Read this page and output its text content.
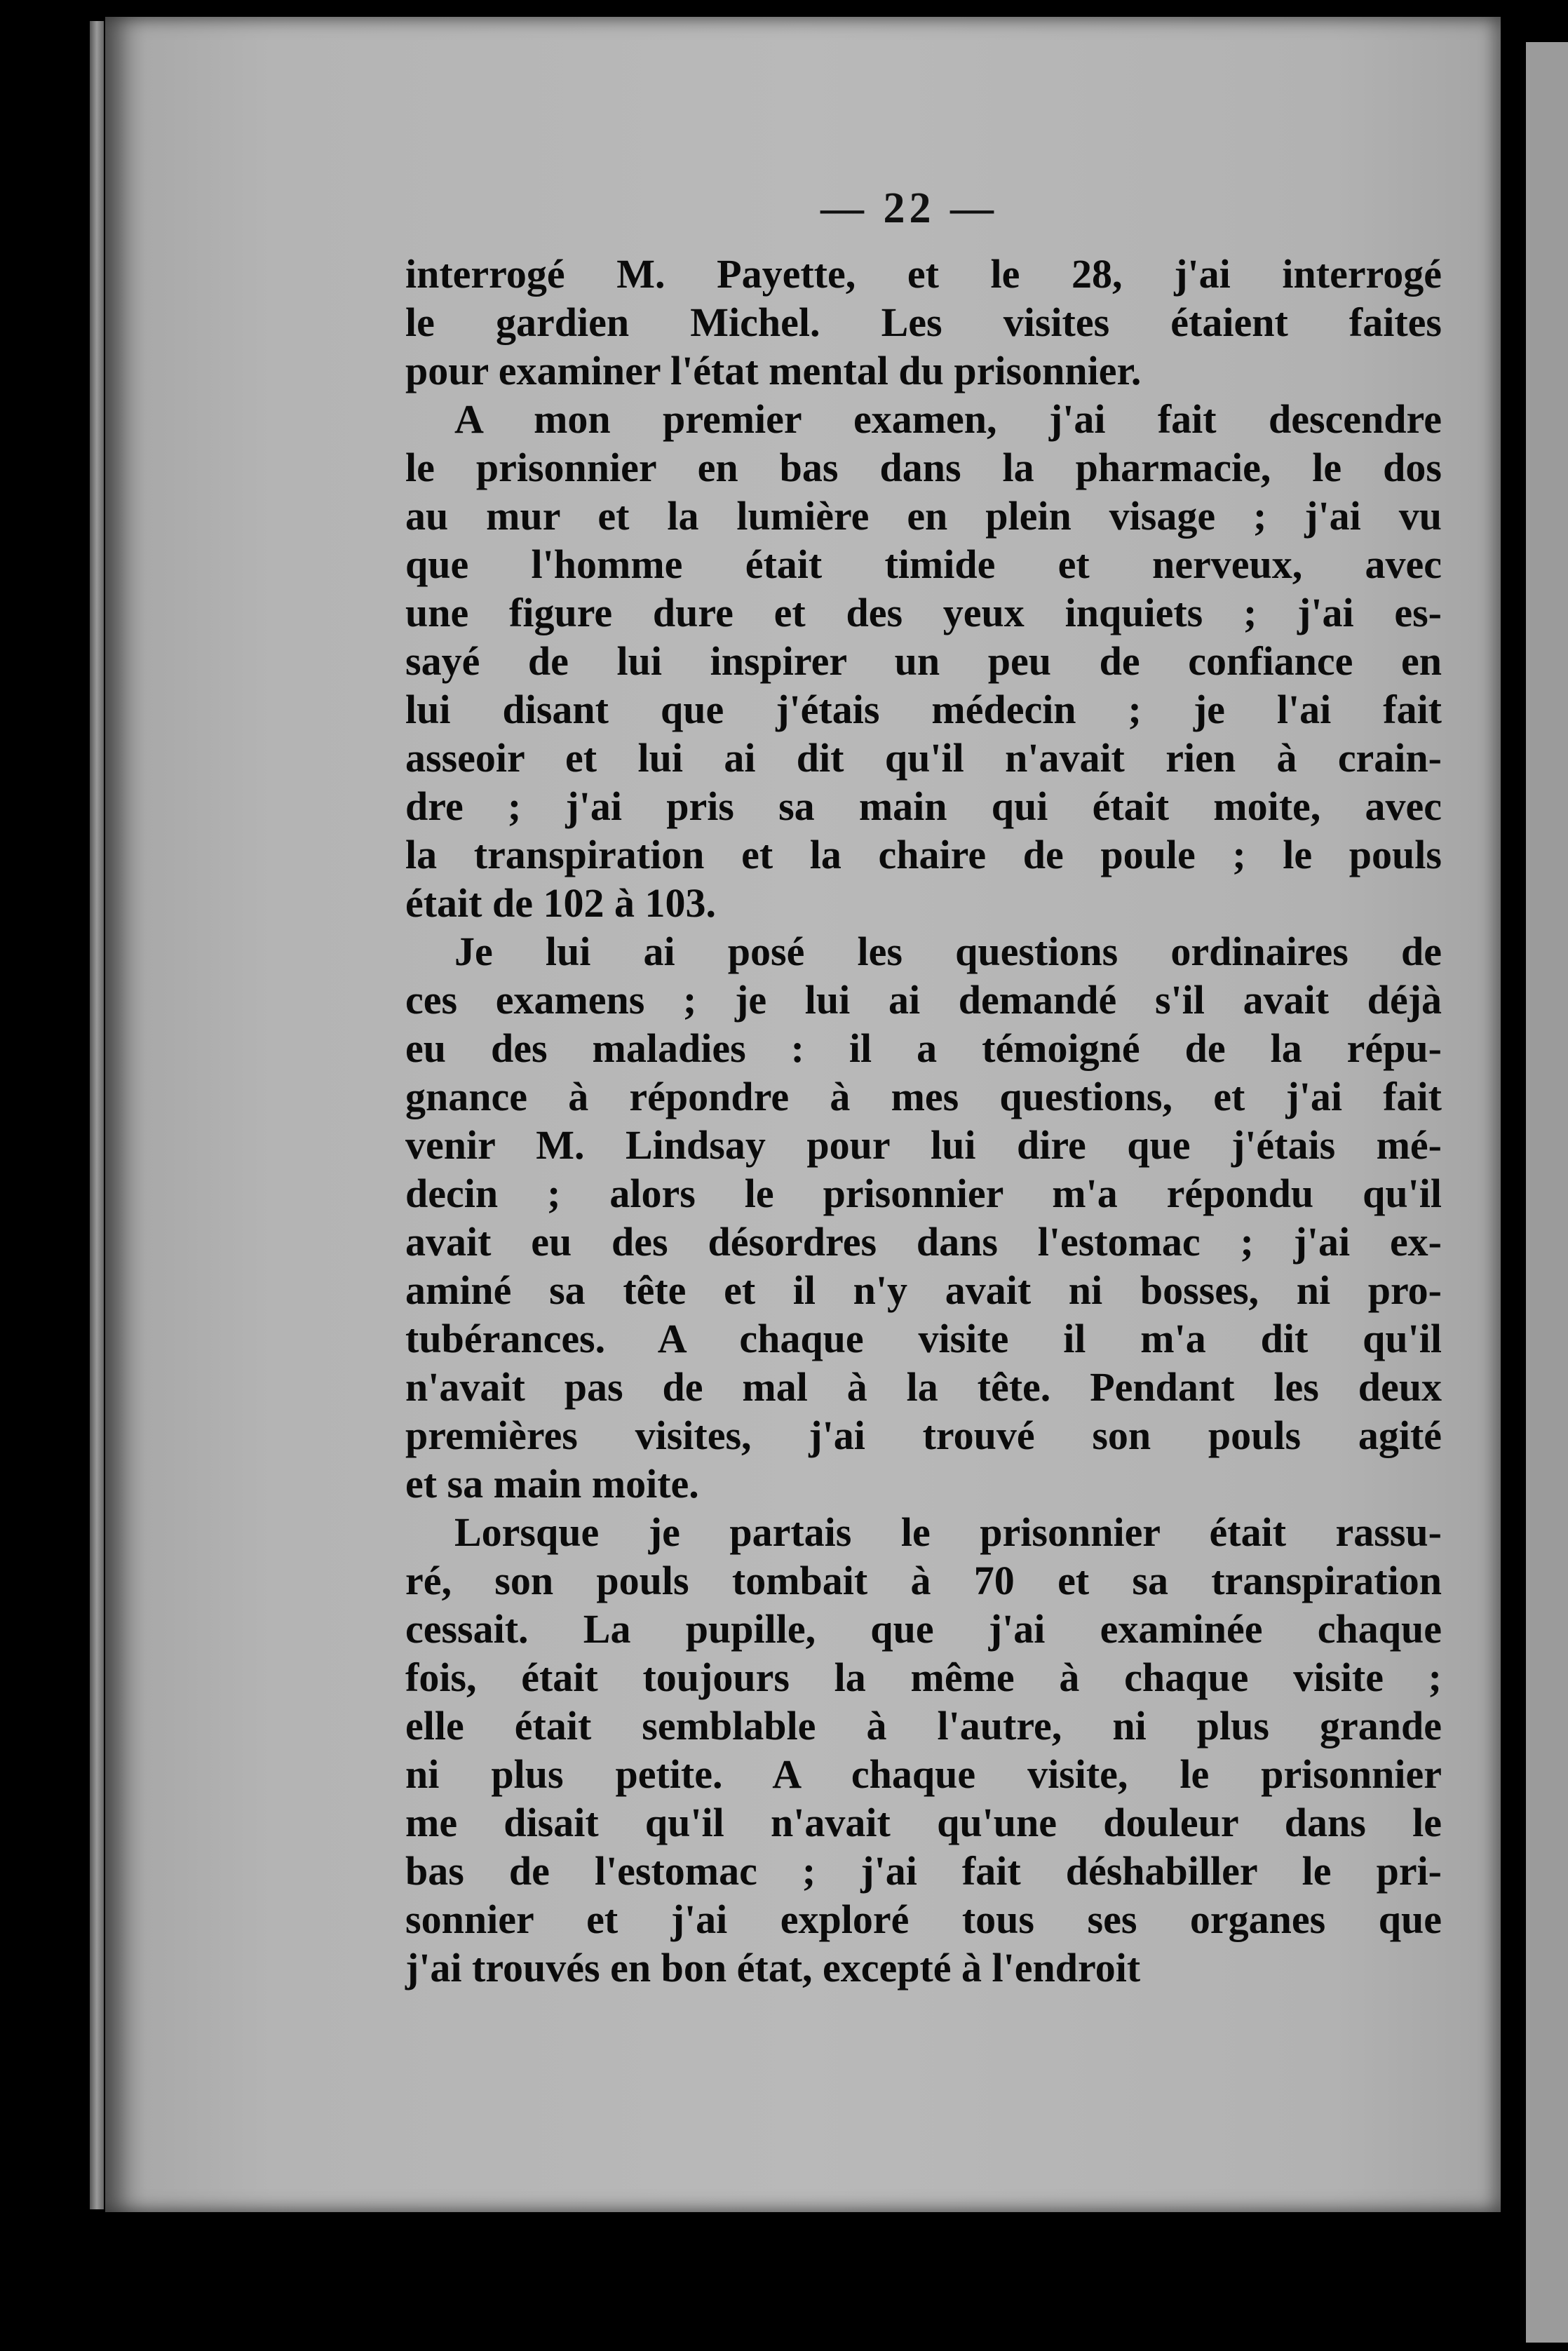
— 22 —

interrogé M. Payette, et le 28, j'ai interrogé
le gardien Michel. Les visites étaient faites
pour examiner l'état mental du prisonnier.

A mon premier examen, j'ai fait descendre
le prisonnier en bas dans la pharmacie, le dos
au mur et la lumière en plein visage ; j'ai vu
que l'homme était timide et nerveux, avec
une figure dure et des yeux inquiets ; j'ai es-
sayé de lui inspirer un peu de confiance en
lui disant que j'étais médecin ; je l'ai fait
asseoir et lui ai dit qu'il n'avait rien à crain-
dre ; j'ai pris sa main qui était moite, avec
la transpiration et la chaire de poule ; le pouls
était de 102 à 103.

Je lui ai posé les questions ordinaires de
ces examens ; je lui ai demandé s'il avait déjà
eu des maladies : il a témoigné de la répu-
gnance à répondre à mes questions, et j'ai fait
venir M. Lindsay pour lui dire que j'étais mé-
decin ; alors le prisonnier m'a répondu qu'il
avait eu des désordres dans l'estomac ; j'ai ex-
aminé sa tête et il n'y avait ni bosses, ni pro-
tubérances. A chaque visite il m'a dit qu'il
n'avait pas de mal à la tête. Pendant les deux
premières visites, j'ai trouvé son pouls agité
et sa main moite.

Lorsque je partais le prisonnier était rassu-
ré, son pouls tombait à 70 et sa transpiration
cessait. La pupille, que j'ai examinée chaque
fois, était toujours la même à chaque visite ;
elle était semblable à l'autre, ni plus grande
ni plus petite. A chaque visite, le prisonnier
me disait qu'il n'avait qu'une douleur dans le
bas de l'estomac ; j'ai fait déshabiller le pri-
sonnier et j'ai exploré tous ses organes que
j'ai trouvés en bon état, excepté à l'endroit
